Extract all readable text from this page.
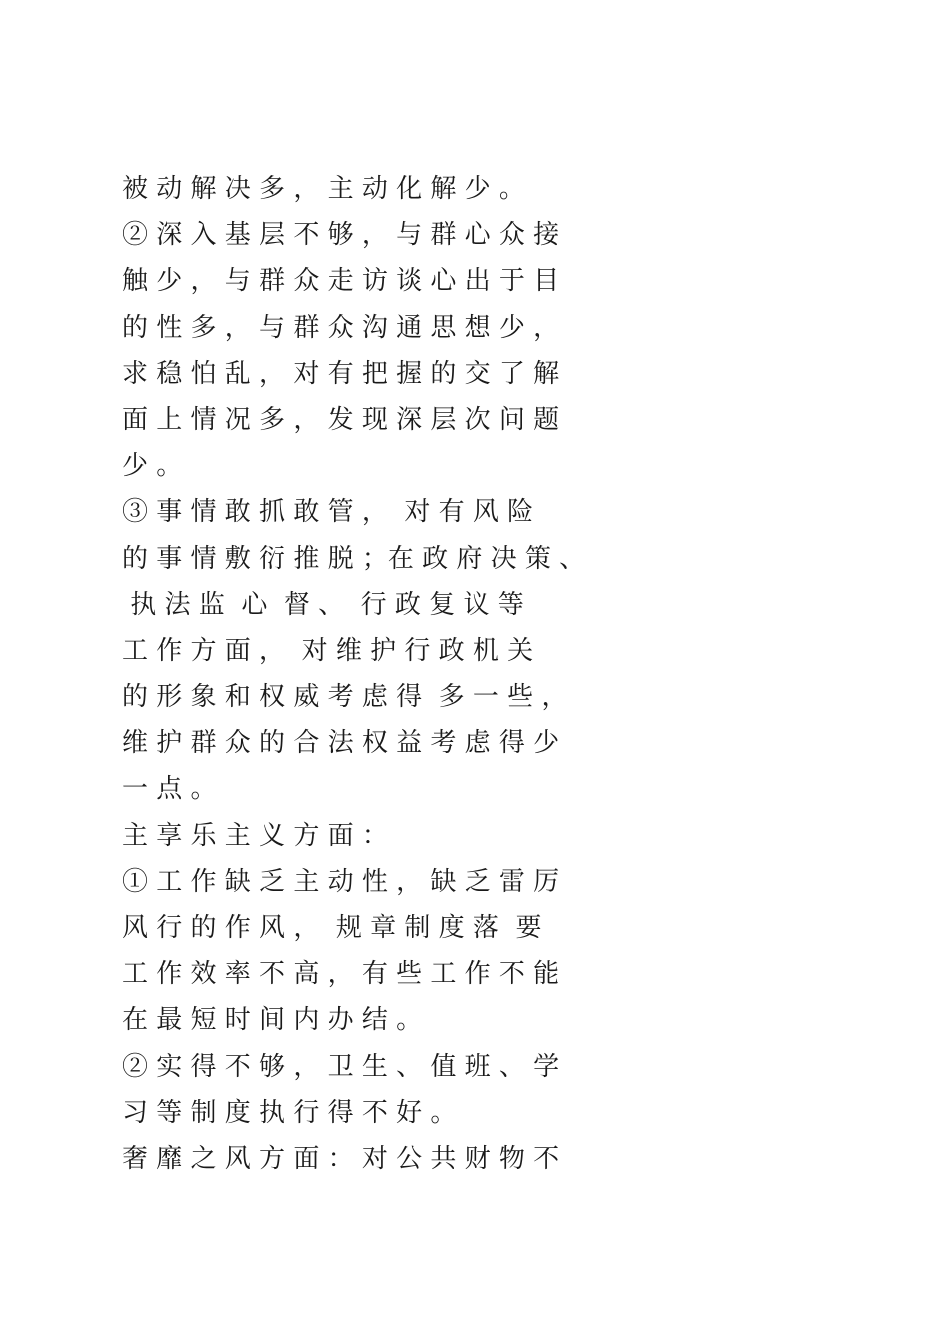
被 动 解 决 多 ， 主 动 化 解 少 。
② 深 入 基 层 不 够 ， 与 群 心 众 接
触 少 ， 与 群 众 走 访 谈 心 出 于 目
的 性 多 ， 与 群 众 沟 通 思 想 少 ，
求 稳 怕 乱 ， 对 有 把 握 的 交 了 解
面 上 情 况 多 ， 发 现 深 层 次 问 题
少 。
③ 事 情 敢 抓 敢 管 ，  对 有 风 险
的 事 情 敷 衍 推 脱 ；在 政 府 决 策 、
执 法 监  心  督 、  行 政 复 议 等
工 作 方 面 ，  对 维 护 行 政 机 关
的 形 象 和 权 威 考 虑 得  多 一 些 ，
维 护 群 众 的 合 法 权 益 考 虑 得 少
一 点 。
主 享 乐 主 义 方 面 ：
① 工 作 缺 乏 主 动 性 ， 缺 乏 雷 厉
风 行 的 作 风 ，  规 章 制 度 落  要
工 作 效 率 不 高 ， 有 些 工 作 不 能
在 最 短 时 间 内 办 结 。
② 实 得 不 够 ， 卫 生 、 值 班 、 学
习 等 制 度 执 行 得 不 好 。
奢 靡 之 风 方 面 ： 对 公 共 财 物 不
